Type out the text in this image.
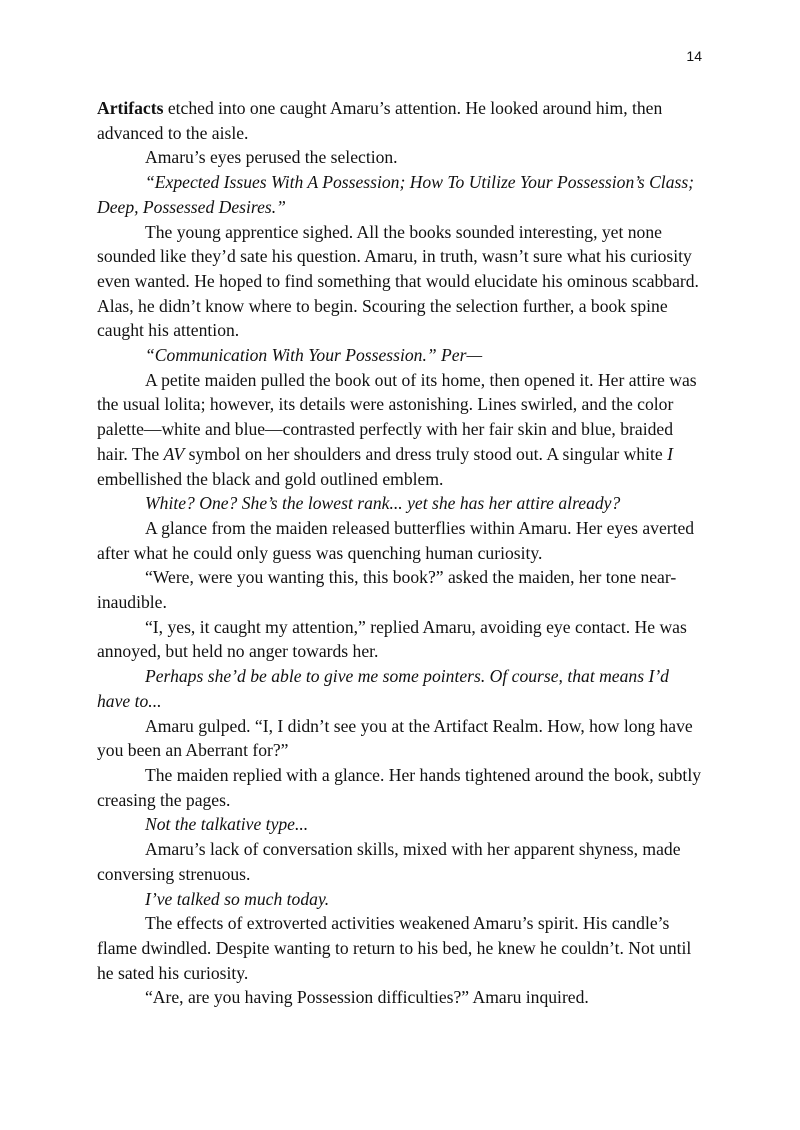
14

Artifacts etched into one caught Amaru’s attention. He looked around him, then advanced to the aisle.

Amaru’s eyes perused the selection.

“Expected Issues With A Possession; How To Utilize Your Possession’s Class; Deep, Possessed Desires.”

The young apprentice sighed. All the books sounded interesting, yet none sounded like they’d sate his question. Amaru, in truth, wasn’t sure what his curiosity even wanted. He hoped to find something that would elucidate his ominous scabbard. Alas, he didn’t know where to begin. Scouring the selection further, a book spine caught his attention.

“Communication With Your Possession.” Per—

A petite maiden pulled the book out of its home, then opened it. Her attire was the usual lolita; however, its details were astonishing. Lines swirled, and the color palette—white and blue—contrasted perfectly with her fair skin and blue, braided hair. The AV symbol on her shoulders and dress truly stood out. A singular white I embellished the black and gold outlined emblem.

White? One? She’s the lowest rank... yet she has her attire already?

A glance from the maiden released butterflies within Amaru. Her eyes averted after what he could only guess was quenching human curiosity.

“Were, were you wanting this, this book?” asked the maiden, her tone near-inaudible.

“I, yes, it caught my attention,” replied Amaru, avoiding eye contact. He was annoyed, but held no anger towards her.

Perhaps she’d be able to give me some pointers. Of course, that means I’d have to...

Amaru gulped. “I, I didn’t see you at the Artifact Realm. How, how long have you been an Aberrant for?”

The maiden replied with a glance. Her hands tightened around the book, subtly creasing the pages.

Not the talkative type...

Amaru’s lack of conversation skills, mixed with her apparent shyness, made conversing strenuous.

I’ve talked so much today.

The effects of extroverted activities weakened Amaru’s spirit. His candle’s flame dwindled. Despite wanting to return to his bed, he knew he couldn’t. Not until he sated his curiosity.

“Are, are you having Possession difficulties?” Amaru inquired.
